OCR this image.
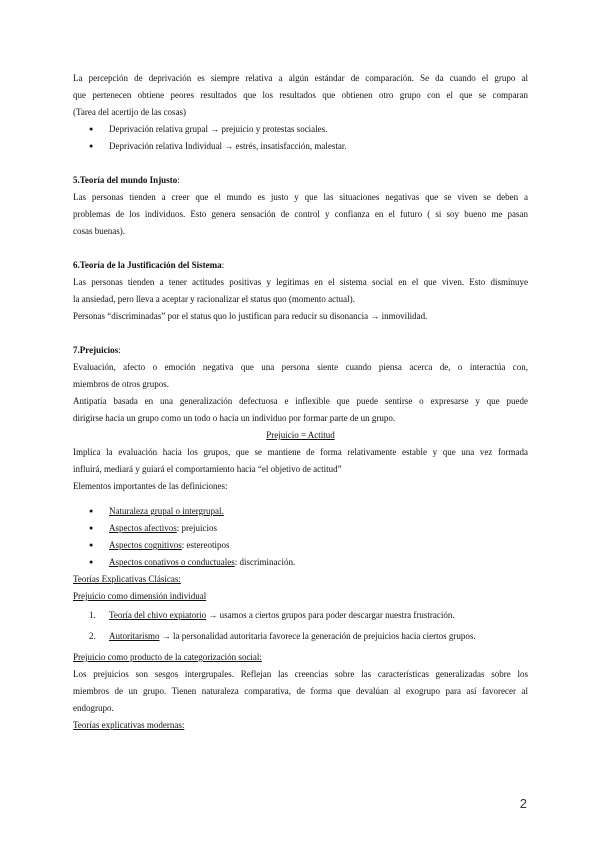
La percepción de deprivación es siempre relativa a algún estándar de comparación. Se da cuando el grupo al

que pertenecen obtiene peores resultados que los resultados que obtienen otro grupo con el que se comparan

(Tarea del acertijo de las cosas)

● Deprivación relativa grupal → prejuicio y protestas sociales.
● Deprivación relativa Individual → estrés, insatisfacción, malestar.

5.Teoría del mundo Injusto:

Las personas tienden a creer que el mundo es justo y que las situaciones negativas que se viven se deben a

problemas de los individuos. Esto genera sensación de control y confianza en el futuro ( si soy bueno me pasan

cosas buenas).

6.Teoría de la Justificación del Sistema:

Las personas tienden a tener actitudes positivas y legítimas en el sistema social en el que viven. Esto disminuye

la ansiedad, pero lleva a aceptar y racionalizar el status quo (momento actual).

Personas “discriminadas” por el status quo lo justifican para reducir su disonancia → inmovilidad.

7.Prejuicios:

Evaluación, afecto o emoción negativa que una persona siente cuando piensa acerca de, o interactúa con,

miembros de otros grupos.

Antipatía basada en una generalización defectuosa e inflexible que puede sentirse o expresarse y que puede

dirigirse hacia un grupo como un todo o hacia un individuo por formar parte de un grupo.

Prejuicio = Actitud

Implica la evaluación hacia los grupos, que se mantiene de forma relativamente estable y que una vez formada

influirá, mediará y guiará el comportamiento hacia “el objetivo de actitud”

Elementos importantes de las definiciones:

● Naturaleza grupal o intergrupal.
● Aspectos afectivos: prejuicios
● Aspectos cognitivos: estereotipos
● Aspectos conativos o conductuales: discriminación.

Teorías Explicativas Clásicas:

Prejuicio como dimensión individual

1. Teoría del chivo expiatorio → usamos a ciertos grupos para poder descargar nuestra frustración.
2. Autoritarismo → la personalidad autoritaria favorece la generación de prejuicios hacia ciertos grupos.

Prejuicio como producto de la categorización social:

Los prejuicios son sesgos intergrupales. Reflejan las creencias sobre las características generalizadas sobre los

miembros de un grupo. Tienen naturaleza comparativa, de forma que devalúan al exogrupo para así favorecer al

endogrupo.

Teorías explicativas modernas:

2
